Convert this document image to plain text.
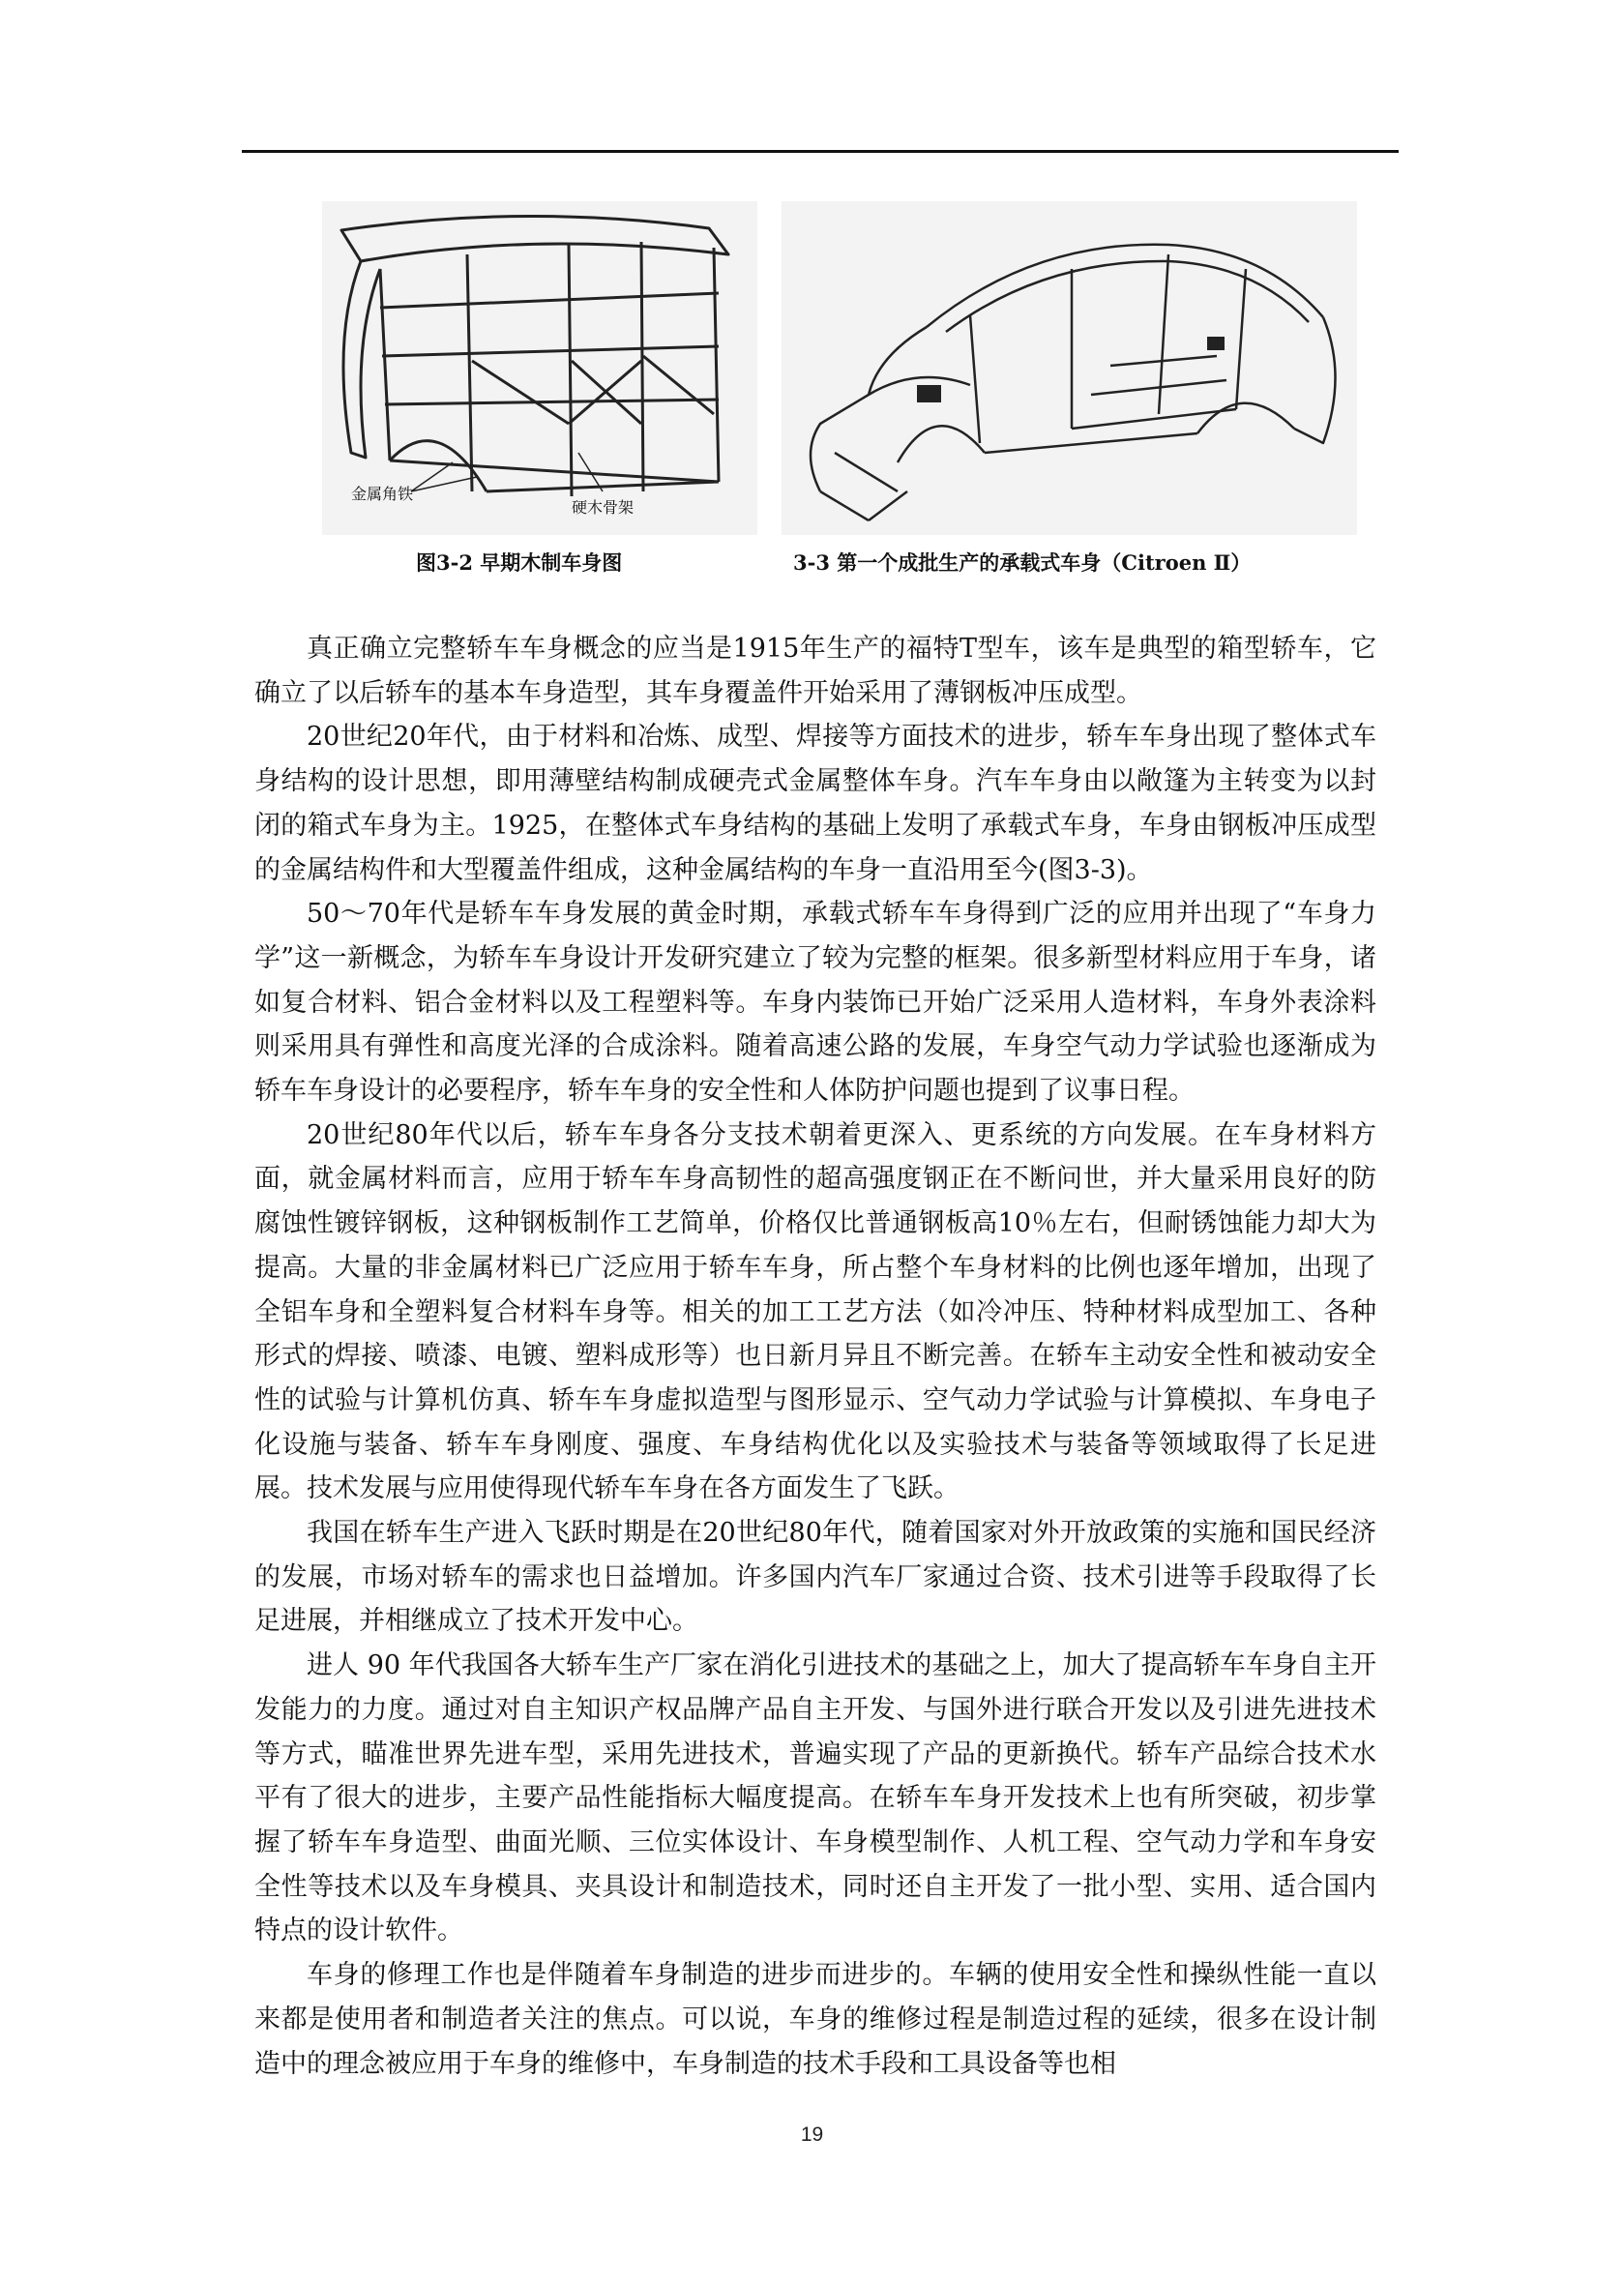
金属角铁
硬木骨架
图3-2 早期木制车身图	3-3 第一个成批生产的承载式车身（Citroen Ⅱ）

真正确立完整轿车车身概念的应当是1915年生产的福特T型车，该车是典型的箱型轿车，它确立了以后轿车的基本车身造型，其车身覆盖件开始采用了薄钢板冲压成型。

20世纪20年代，由于材料和冶炼、成型、焊接等方面技术的进步，轿车车身出现了整体式车身结构的设计思想，即用薄壁结构制成硬壳式金属整体车身。汽车车身由以敞篷为主转变为以封闭的箱式车身为主。1925，在整体式车身结构的基础上发明了承载式车身，车身由钢板冲压成型的金属结构件和大型覆盖件组成，这种金属结构的车身一直沿用至今(图3-3)。

50～70年代是轿车车身发展的黄金时期，承载式轿车车身得到广泛的应用并出现了“车身力学”这一新概念，为轿车车身设计开发研究建立了较为完整的框架。很多新型材料应用于车身，诸如复合材料、铝合金材料以及工程塑料等。车身内装饰已开始广泛采用人造材料，车身外表涂料则采用具有弹性和高度光泽的合成涂料。随着高速公路的发展，车身空气动力学试验也逐渐成为轿车车身设计的必要程序，轿车车身的安全性和人体防护问题也提到了议事日程。

20世纪80年代以后，轿车车身各分支技术朝着更深入、更系统的方向发展。在车身材料方面，就金属材料而言，应用于轿车车身高韧性的超高强度钢正在不断问世，并大量采用良好的防腐蚀性镀锌钢板，这种钢板制作工艺简单，价格仅比普通钢板高10％左右，但耐锈蚀能力却大为提高。大量的非金属材料已广泛应用于轿车车身，所占整个车身材料的比例也逐年增加，出现了全铝车身和全塑料复合材料车身等。相关的加工工艺方法（如冷冲压、特种材料成型加工、各种形式的焊接、喷漆、电镀、塑料成形等）也日新月异且不断完善。在轿车主动安全性和被动安全性的试验与计算机仿真、轿车车身虚拟造型与图形显示、空气动力学试验与计算模拟、车身电子化设施与装备、轿车车身刚度、强度、车身结构优化以及实验技术与装备等领域取得了长足进展。技术发展与应用使得现代轿车车身在各方面发生了飞跃。

我国在轿车生产进入飞跃时期是在20世纪80年代，随着国家对外开放政策的实施和国民经济的发展，市场对轿车的需求也日益增加。许多国内汽车厂家通过合资、技术引进等手段取得了长足进展，并相继成立了技术开发中心。

进人 90 年代我国各大轿车生产厂家在消化引进技术的基础之上，加大了提高轿车车身自主开发能力的力度。通过对自主知识产权品牌产品自主开发、与国外进行联合开发以及引进先进技术等方式，瞄准世界先进车型，采用先进技术，普遍实现了产品的更新换代。轿车产品综合技术水平有了很大的进步，主要产品性能指标大幅度提高。在轿车车身开发技术上也有所突破，初步掌握了轿车车身造型、曲面光顺、三位实体设计、车身模型制作、人机工程、空气动力学和车身安全性等技术以及车身模具、夹具设计和制造技术，同时还自主开发了一批小型、实用、适合国内特点的设计软件。

车身的修理工作也是伴随着车身制造的进步而进步的。车辆的使用安全性和操纵性能一直以来都是使用者和制造者关注的焦点。可以说，车身的维修过程是制造过程的延续，很多在设计制造中的理念被应用于车身的维修中，车身制造的技术手段和工具设备等也相

19
